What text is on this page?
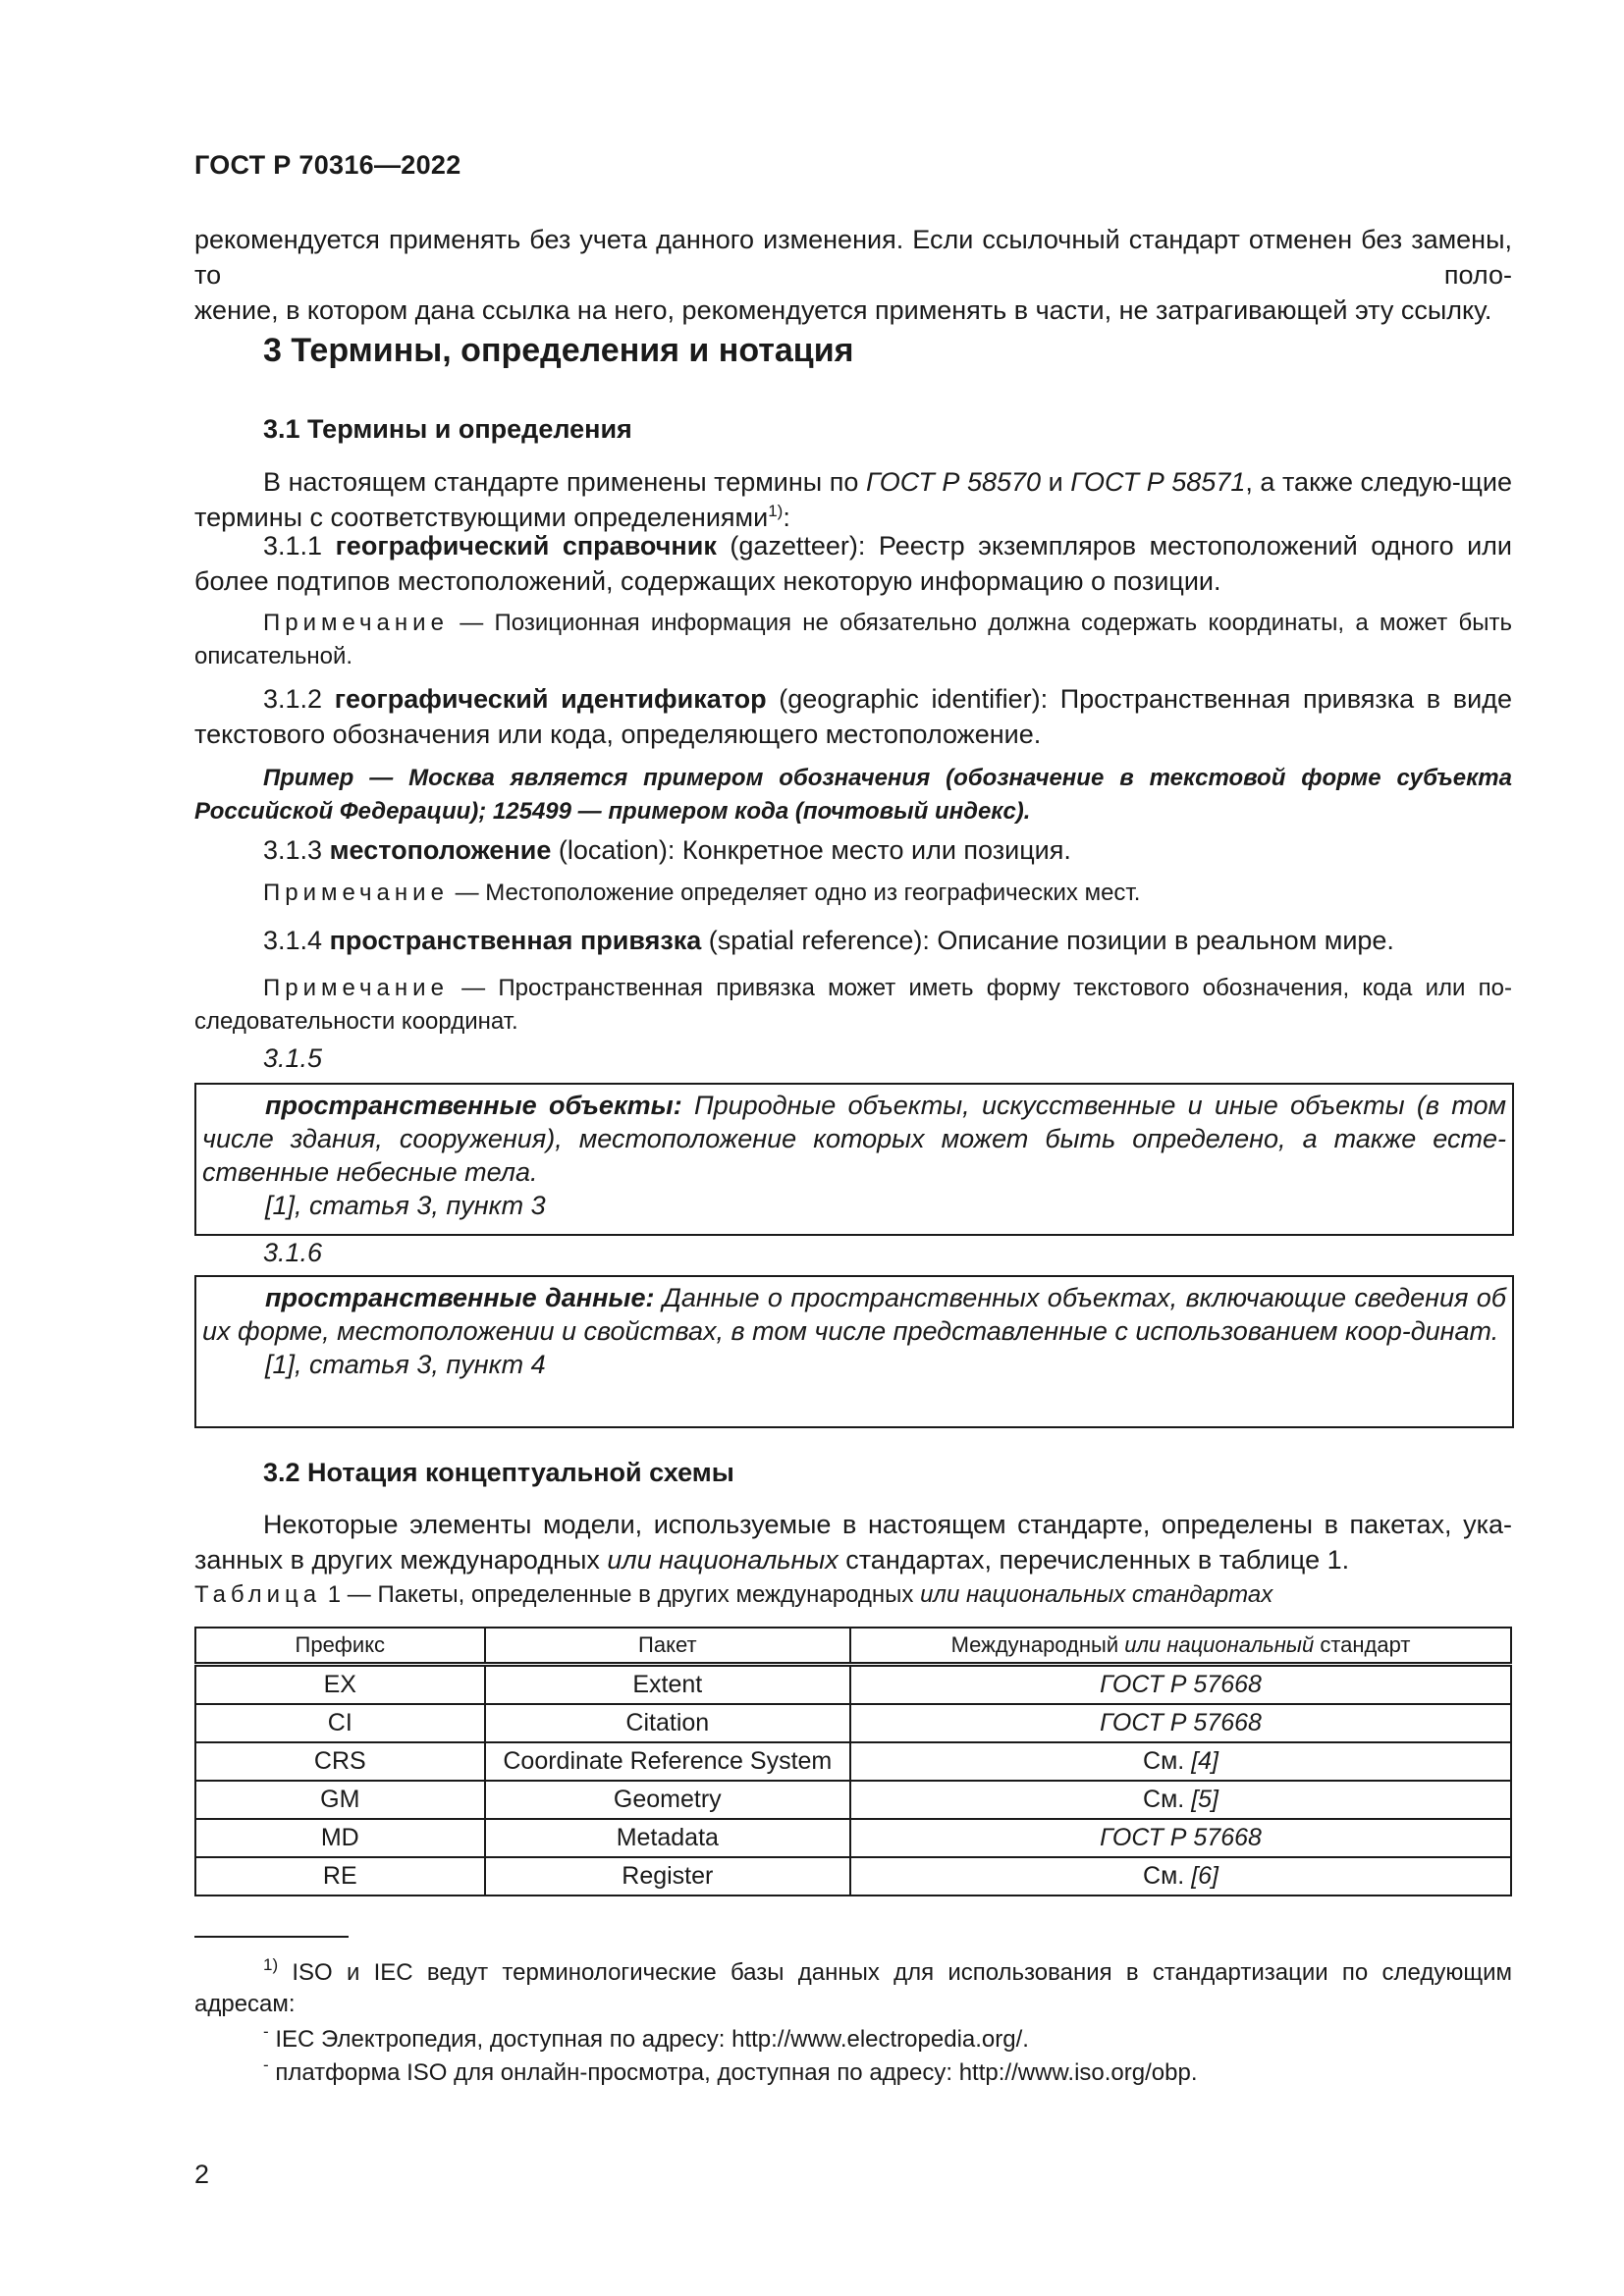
ГОСТ Р 70316—2022
рекомендуется применять без учета данного изменения. Если ссылочный стандарт отменен без замены, то поло-
жение, в котором дана ссылка на него, рекомендуется применять в части, не затрагивающей эту ссылку.
3 Термины, определения и нотация
3.1 Термины и определения
В настоящем стандарте применены термины по ГОСТ Р 58570 и ГОСТ Р 58571, а также следую-щие термины с соответствующими определениями$^{1)}$:
3.1.1 географический справочник (gazetteer): Реестр экземпляров местоположений одного или более подтипов местоположений, содержащих некоторую информацию о позиции.
Примечание — Позиционная информация не обязательно должна содержать координаты, а может быть описательной.
3.1.2 географический идентификатор (geographic identifier): Пространственная привязка в виде текстового обозначения или кода, определяющего местоположение.
Пример — Москва является примером обозначения (обозначение в текстовой форме субъекта Российской Федерации); 125499 — примером кода (почтовый индекс).
3.1.3 местоположение (location): Конкретное место или позиция.
Примечание — Местоположение определяет одно из географических мест.
3.1.4 пространственная привязка (spatial reference): Описание позиции в реальном мире.
Примечание — Пространственная привязка может иметь форму текстового обозначения, кода или по-следовательности координат.
3.1.5
пространственные объекты: Природные объекты, искусственные и иные объекты (в том числе здания, сооружения), местоположение которых может быть определено, а также есте-ственные небесные тела.
[1], статья 3, пункт 3
3.1.6
пространственные данные: Данные о пространственных объектах, включающие сведения об их форме, местоположении и свойствах, в том числе представленные с использованием коор-динат.
[1], статья 3, пункт 4
3.2 Нотация концептуальной схемы
Некоторые элементы модели, используемые в настоящем стандарте, определены в пакетах, ука-занных в других международных или национальных стандартах, перечисленных в таблице 1.
Таблица 1 — Пакеты, определенные в других международных или национальных стандартах
Префикс	Пакет	Международный или национальный стандарт
EX	Extent	ГОСТ Р 57668
CI	Citation	ГОСТ Р 57668
CRS	Coordinate Reference System	См. [4]
GM	Geometry	См. [5]
MD	Metadata	ГОСТ Р 57668
RE	Register	См. [6]
$^{1)}$ ISO и IEC ведут терминологические базы данных для использования в стандартизации по следующим адресам:
- IEC Электропедия, доступная по адресу: http://www.electropedia.org/.
- платформа ISO для онлайн-просмотра, доступная по адресу: http://www.iso.org/obp.
2
